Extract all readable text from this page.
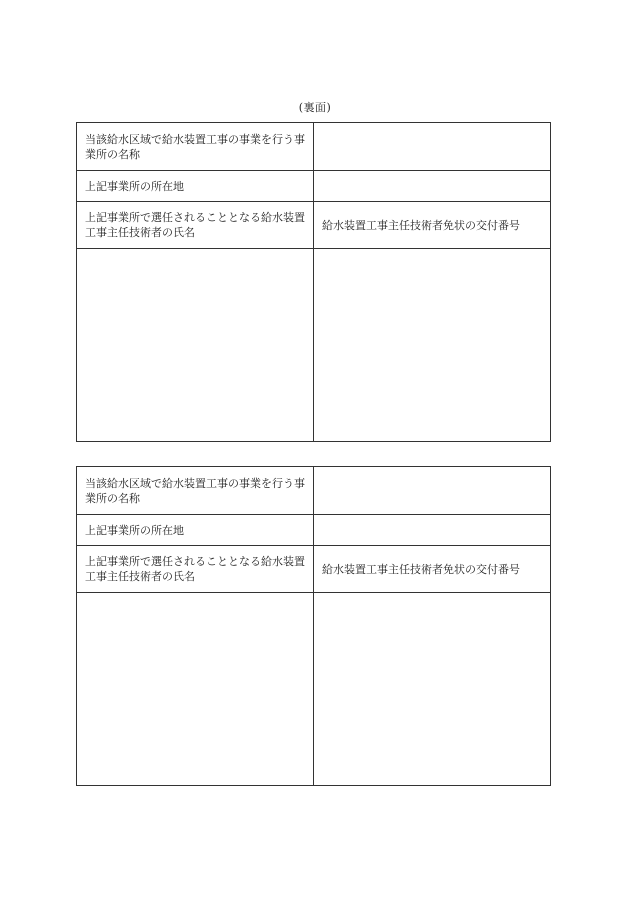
(裏面)
当該給水区域で給水装置工事の事業を行う事業所の名称	
上記事業所の所在地	
上記事業所で選任されることとなる給水装置工事主任技術者の氏名	給水装置工事主任技術者免状の交付番号

当該給水区域で給水装置工事の事業を行う事業所の名称	
上記事業所の所在地	
上記事業所で選任されることとなる給水装置工事主任技術者の氏名	給水装置工事主任技術者免状の交付番号
